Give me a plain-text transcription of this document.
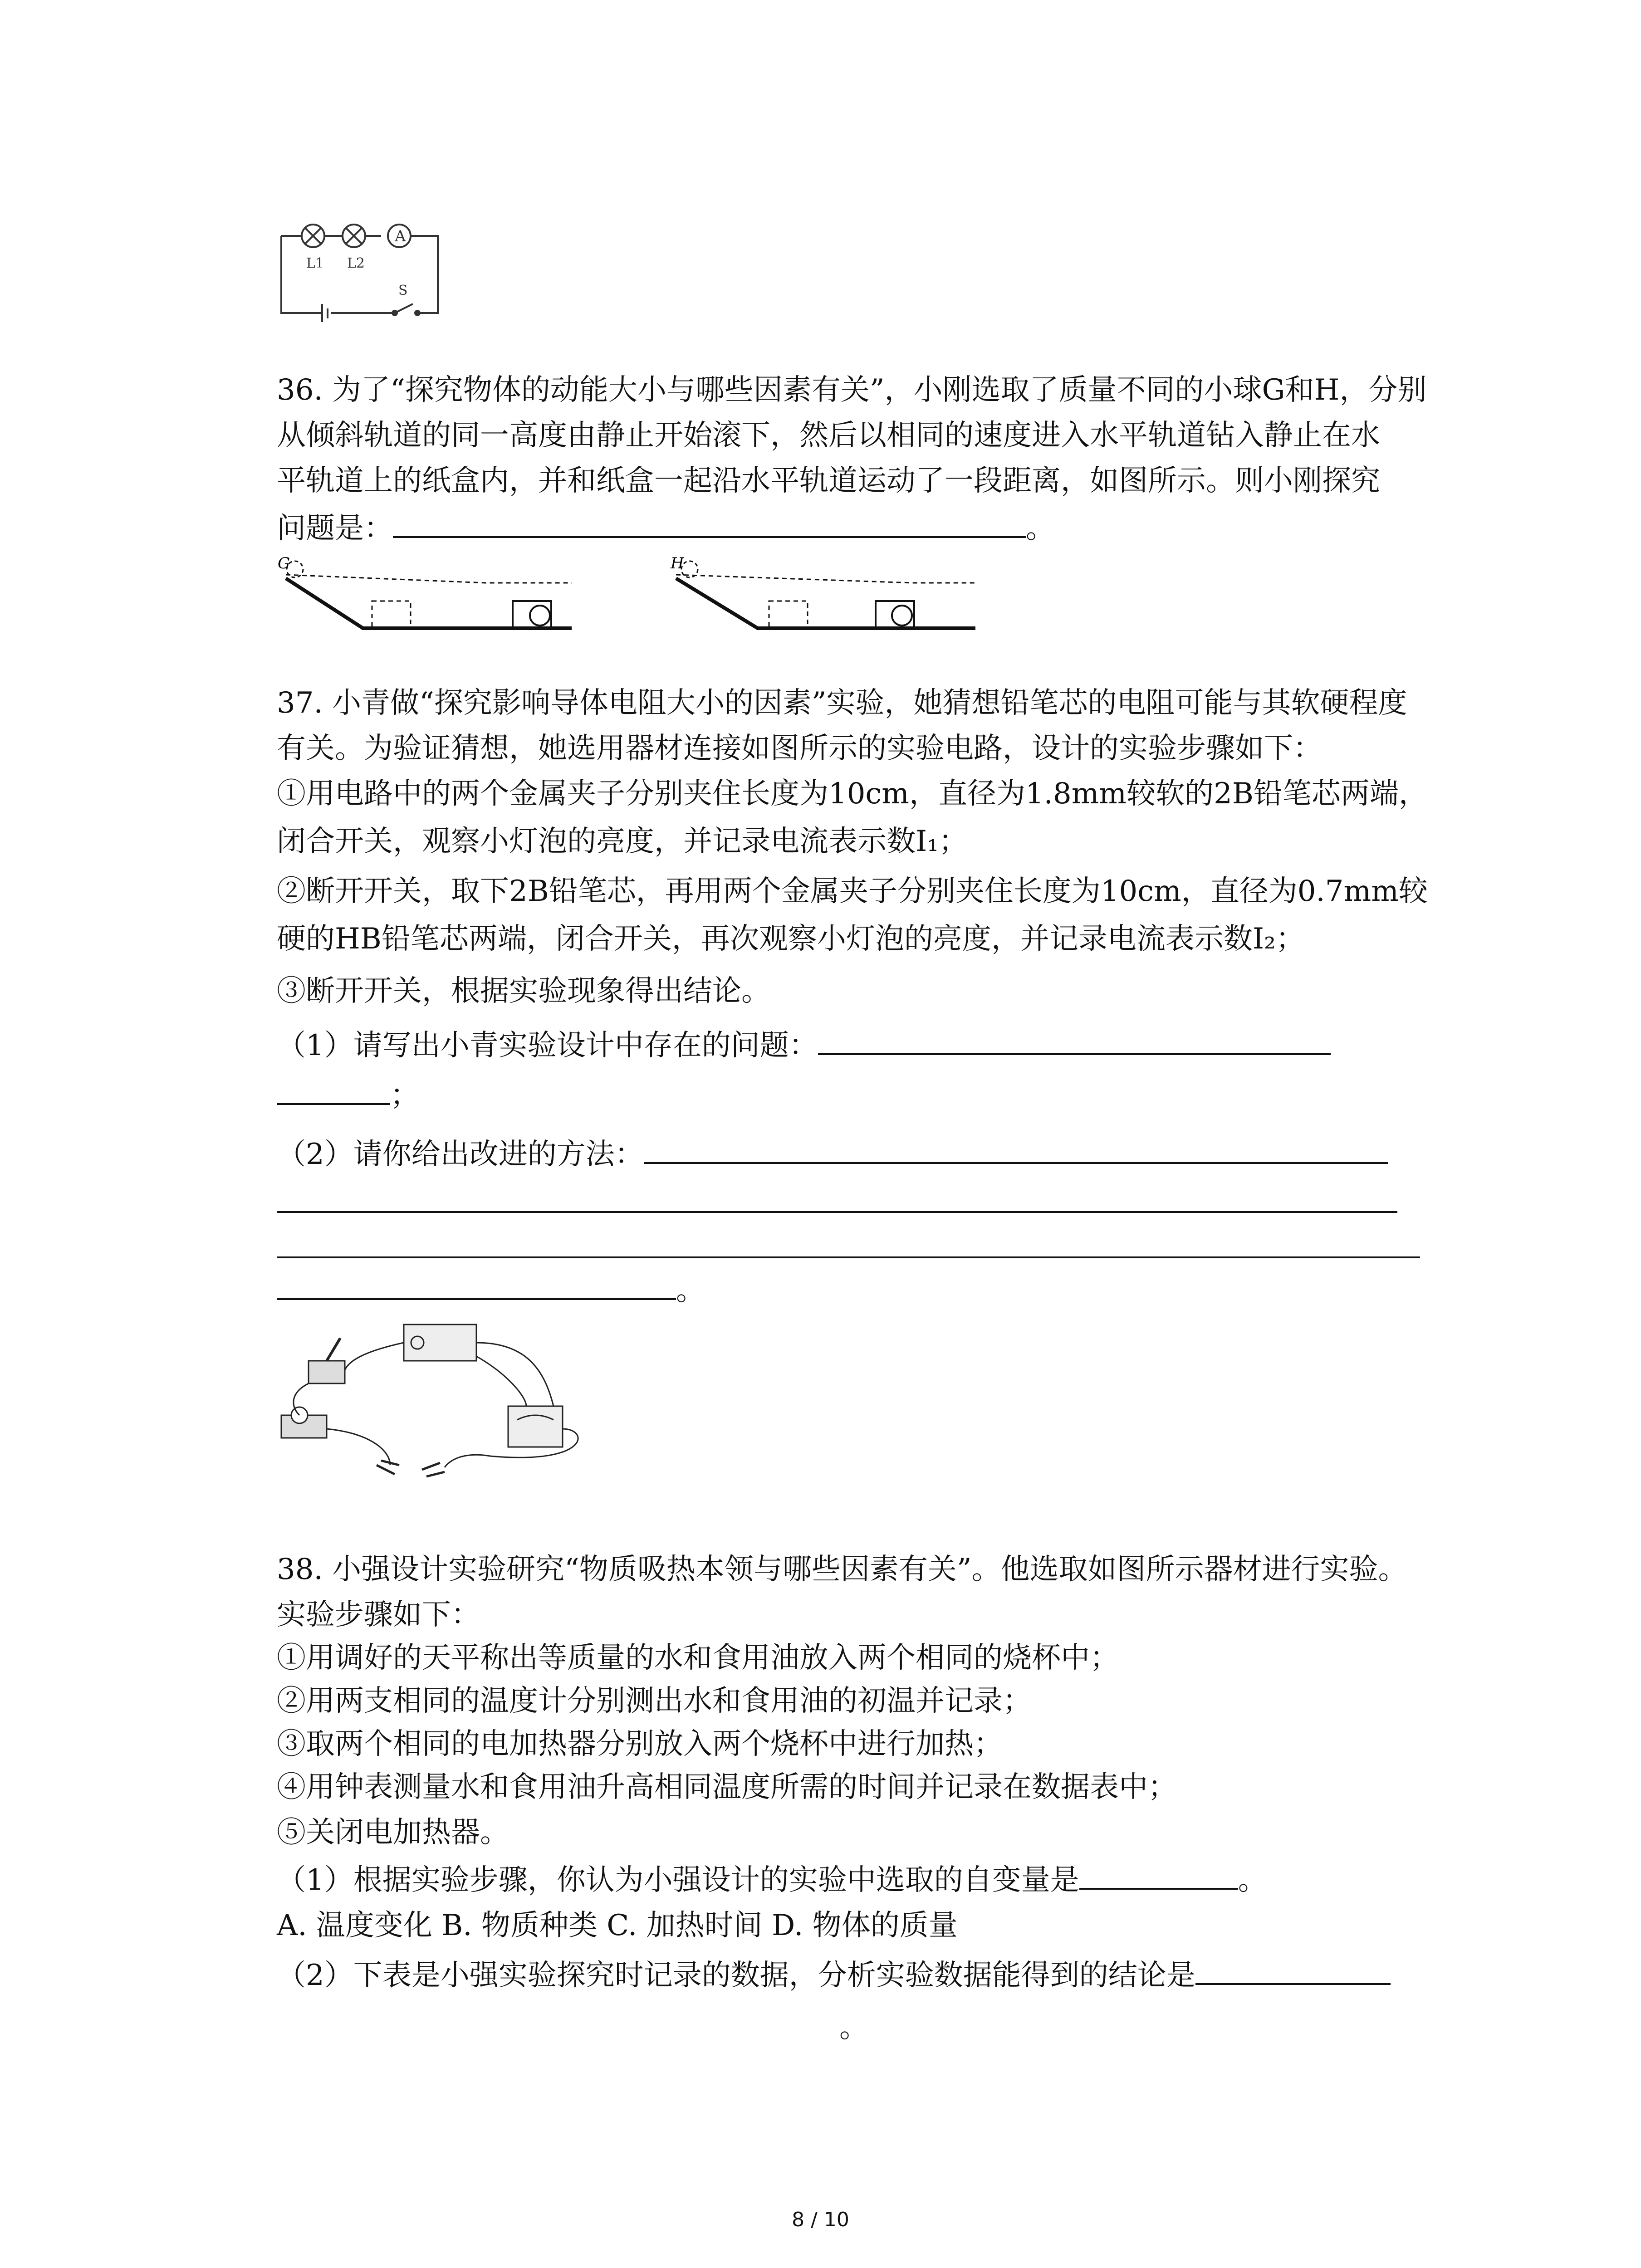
A
L1 L2
S
36. 为了“探究物体的动能大小与哪些因素有关”，小刚选取了质量不同的小球G和H，分别
从倾斜轨道的同一高度由静止开始滚下，然后以相同的速度进入水平轨道钻入静止在水
平轨道上的纸盒内，并和纸盒一起沿水平轨道运动了一段距离，如图所示。则小刚探究
问题是：	。
G	H
37. 小青做“探究影响导体电阻大小的因素”实验，她猜想铅笔芯的电阻可能与其软硬程度
有关。为验证猜想，她选用器材连接如图所示的实验电路，设计的实验步骤如下：
①用电路中的两个金属夹子分别夹住长度为10cm，直径为1.8mm较软的2B铅笔芯两端，
闭合开关，观察小灯泡的亮度，并记录电流表示数I₁；
②断开开关，取下2B铅笔芯，再用两个金属夹子分别夹住长度为10cm，直径为0.7mm较
硬的HB铅笔芯两端，闭合开关，再次观察小灯泡的亮度，并记录电流表示数I₂；
③断开开关，根据实验现象得出结论。
（1）请写出小青实验设计中存在的问题：
；
（2）请你给出改进的方法：
。
38. 小强设计实验研究“物质吸热本领与哪些因素有关”。他选取如图所示器材进行实验。
实验步骤如下：
①用调好的天平称出等质量的水和食用油放入两个相同的烧杯中；
②用两支相同的温度计分别测出水和食用油的初温并记录；
③取两个相同的电加热器分别放入两个烧杯中进行加热；
④用钟表测量水和食用油升高相同温度所需的时间并记录在数据表中；
⑤关闭电加热器。
（1）根据实验步骤，你认为小强设计的实验中选取的自变量是	。
A. 温度变化 B. 物质种类 C. 加热时间 D. 物体的质量
（2）下表是小强实验探究时记录的数据，分析实验数据能得到的结论是
。
8 / 10
